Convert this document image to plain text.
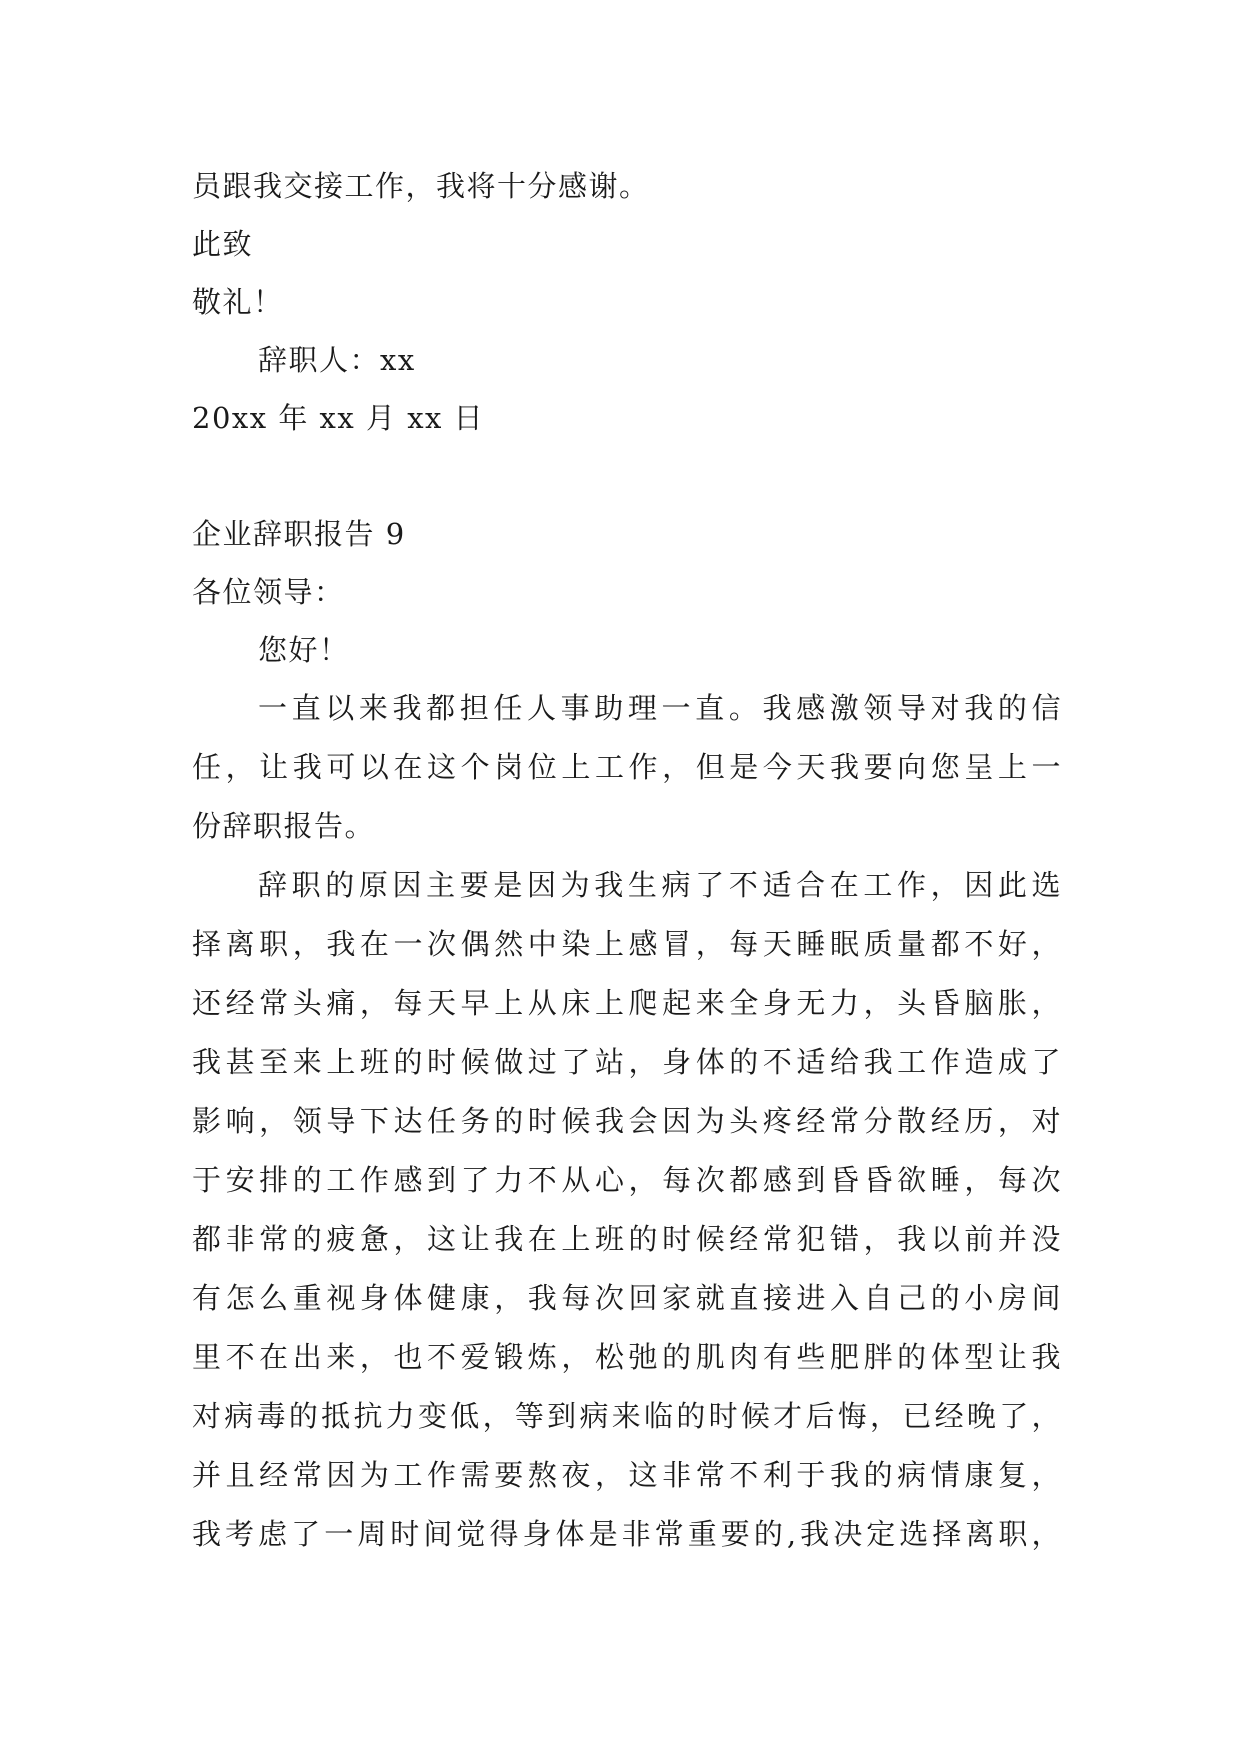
员跟我交接工作，我将十分感谢。
此致
敬礼！
辞职人：xx
20xx 年 xx 月 xx 日
企业辞职报告 9
各位领导：
您好！
一直以来我都担任人事助理一直。我感激领导对我的信
任，让我可以在这个岗位上工作，但是今天我要向您呈上一
份辞职报告。
辞职的原因主要是因为我生病了不适合在工作，因此选
择离职，我在一次偶然中染上感冒，每天睡眠质量都不好，
还经常头痛，每天早上从床上爬起来全身无力，头昏脑胀，
我甚至来上班的时候做过了站，身体的不适给我工作造成了
影响，领导下达任务的时候我会因为头疼经常分散经历，对
于安排的工作感到了力不从心，每次都感到昏昏欲睡，每次
都非常的疲惫，这让我在上班的时候经常犯错，我以前并没
有怎么重视身体健康，我每次回家就直接进入自己的小房间
里不在出来，也不爱锻炼，松弛的肌肉有些肥胖的体型让我
对病毒的抵抗力变低，等到病来临的时候才后悔，已经晚了，
并且经常因为工作需要熬夜，这非常不利于我的病情康复，
我考虑了一周时间觉得身体是非常重要的,我决定选择离职，
